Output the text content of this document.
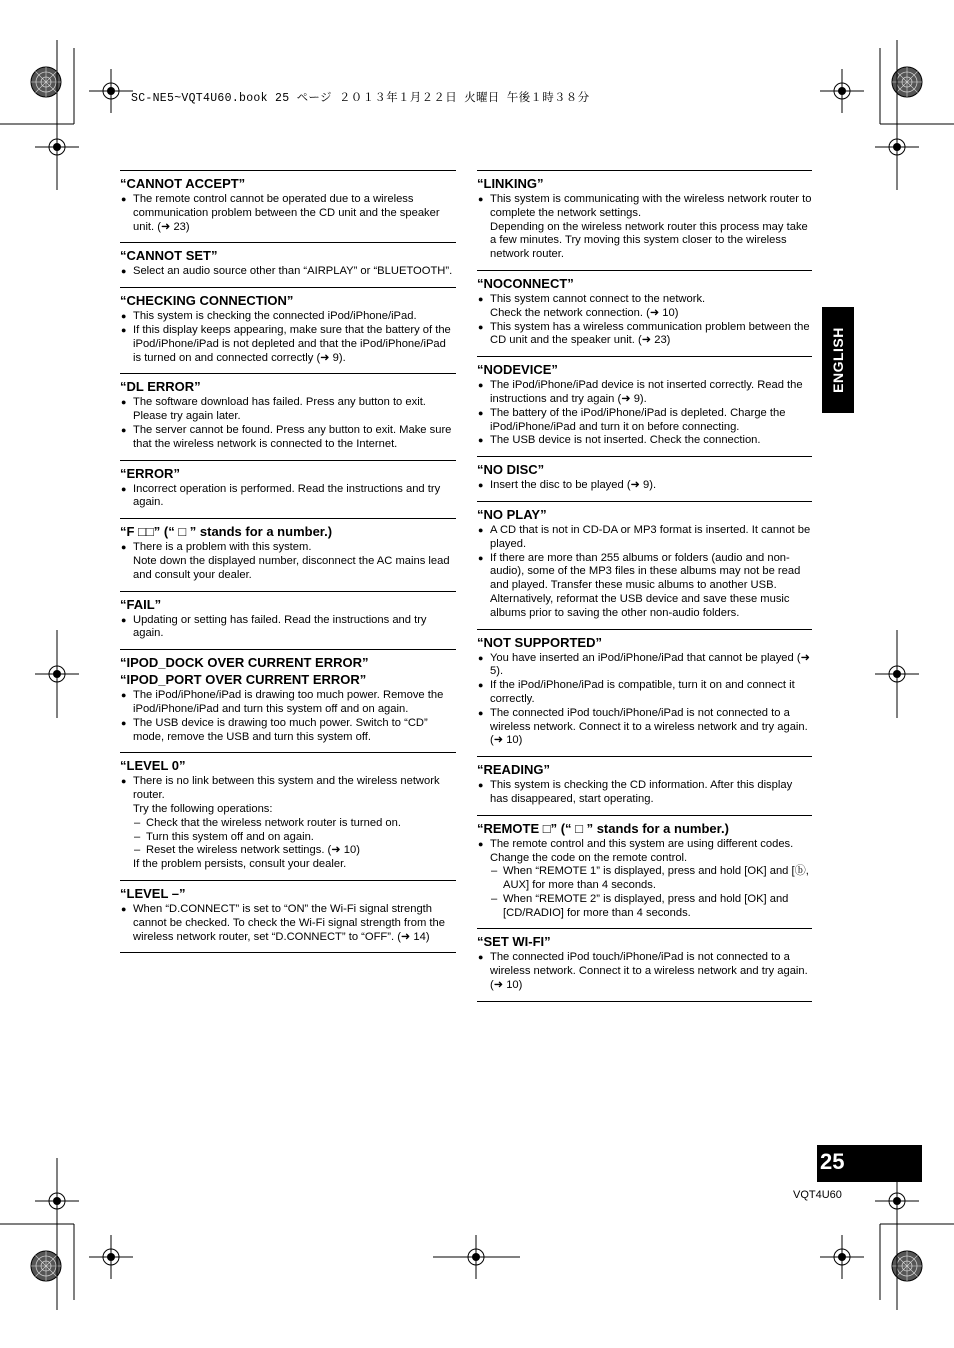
SC-NE5~VQT4U60.book 25 ページ ２０１３年１月２２日 火曜日 午後１時３８分
“CANNOT ACCEPT”
● The remote control cannot be operated due to a wireless communication problem between the CD unit and the speaker unit. (➜ 23)
“CANNOT SET”
● Select an audio source other than “AIRPLAY” or “BLUETOOTH”.
“CHECKING CONNECTION”
● This system is checking the connected iPod/iPhone/iPad.
● If this display keeps appearing, make sure that the battery of the iPod/iPhone/iPad is not depleted and that the iPod/iPhone/iPad is turned on and connected correctly (➜ 9).
“DL ERROR”
● The software download has failed. Press any button to exit. Please try again later.
● The server cannot be found. Press any button to exit. Make sure that the wireless network is connected to the Internet.
“ERROR”
● Incorrect operation is performed. Read the instructions and try again.
“F □□” (“ □ ” stands for a number.)
● There is a problem with this system.
Note down the displayed number, disconnect the AC mains lead and consult your dealer.
“FAIL”
● Updating or setting has failed. Read the instructions and try again.
“IPOD_DOCK OVER CURRENT ERROR”
“IPOD_PORT OVER CURRENT ERROR”
● The iPod/iPhone/iPad is drawing too much power. Remove the iPod/iPhone/iPad and turn this system off and on again.
● The USB device is drawing too much power. Switch to “CD” mode, remove the USB and turn this system off.
“LEVEL 0”
● There is no link between this system and the wireless network router.
Try the following operations:
– Check that the wireless network router is turned on.
– Turn this system off and on again.
– Reset the wireless network settings. (➜ 10)
If the problem persists, consult your dealer.
“LEVEL –”
● When “D.CONNECT” is set to “ON” the Wi-Fi signal strength cannot be checked. To check the Wi-Fi signal strength from the wireless network router, set “D.CONNECT” to “OFF”. (➜ 14)
“LINKING”
● This system is communicating with the wireless network router to complete the network settings.
Depending on the wireless network router this process may take a few minutes. Try moving this system closer to the wireless network router.
“NOCONNECT”
● This system cannot connect to the network.
Check the network connection. (➜ 10)
● This system has a wireless communication problem between the CD unit and the speaker unit. (➜ 23)
“NODEVICE”
● The iPod/iPhone/iPad device is not inserted correctly. Read the instructions and try again (➜ 9).
● The battery of the iPod/iPhone/iPad is depleted. Charge the iPod/iPhone/iPad and turn it on before connecting.
● The USB device is not inserted. Check the connection.
“NO DISC”
● Insert the disc to be played (➜ 9).
“NO PLAY”
● A CD that is not in CD-DA or MP3 format is inserted. It cannot be played.
● If there are more than 255 albums or folders (audio and non-audio), some of the MP3 files in these albums may not be read and played. Transfer these music albums to another USB. Alternatively, reformat the USB device and save these music albums prior to saving the other non-audio folders.
“NOT SUPPORTED”
● You have inserted an iPod/iPhone/iPad that cannot be played (➜ 5).
● If the iPod/iPhone/iPad is compatible, turn it on and connect it correctly.
● The connected iPod touch/iPhone/iPad is not connected to a wireless network. Connect it to a wireless network and try again. (➜ 10)
“READING”
● This system is checking the CD information. After this display has disappeared, start operating.
“REMOTE □” (“ □ ” stands for a number.)
● The remote control and this system are using different codes. Change the code on the remote control.
– When “REMOTE 1” is displayed, press and hold [OK] and [ⓑ, AUX] for more than 4 seconds.
– When “REMOTE 2” is displayed, press and hold [OK] and [CD/RADIO] for more than 4 seconds.
“SET WI-FI”
● The connected iPod touch/iPhone/iPad is not connected to a wireless network. Connect it to a wireless network and try again. (➜ 10)
ENGLISH
25
VQT4U60
